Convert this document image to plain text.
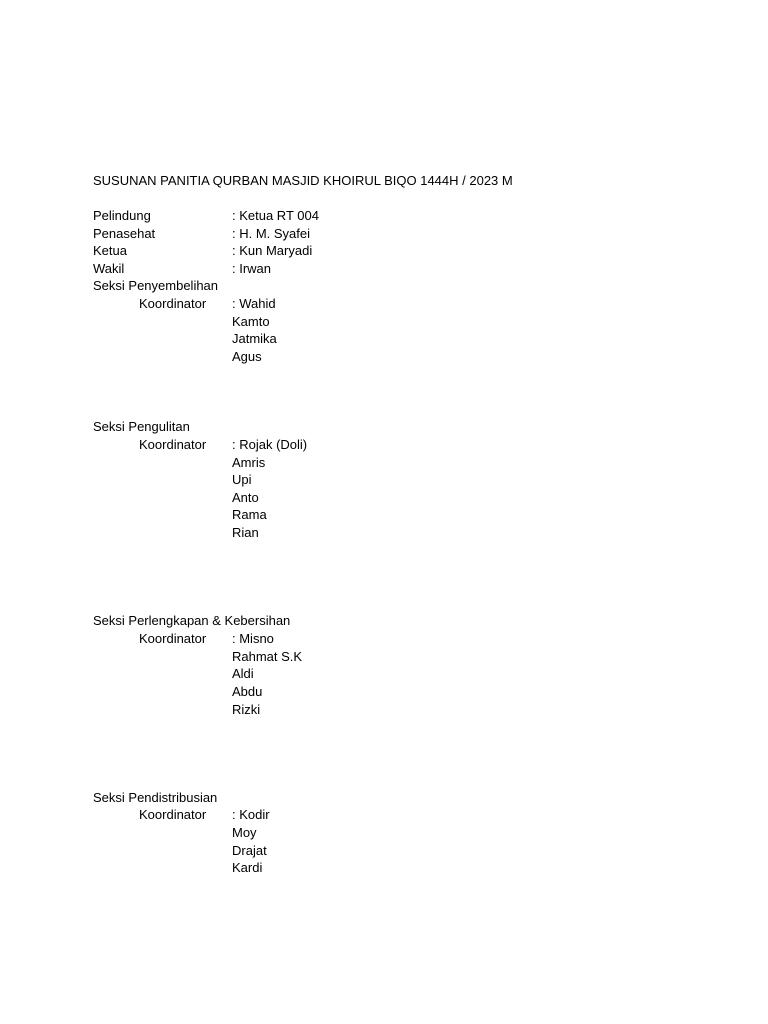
SUSUNAN PANITIA QURBAN MASJID KHOIRUL BIQO 1444H / 2023 M
Pelindung	: Ketua RT 004
Penasehat	: H. M. Syafei
Ketua	: Kun Maryadi
Wakil	: Irwan
Seksi Penyembelihan
Koordinator : Wahid
Kamto
Jatmika
Agus
Seksi Pengulitan
Koordinator : Rojak (Doli)
Amris
Upi
Anto
Rama
Rian
Seksi Perlengkapan & Kebersihan
Koordinator : Misno
Rahmat S.K
Aldi
Abdu
Rizki
Seksi Pendistribusian
Koordinator : Kodir
Moy
Drajat
Kardi
